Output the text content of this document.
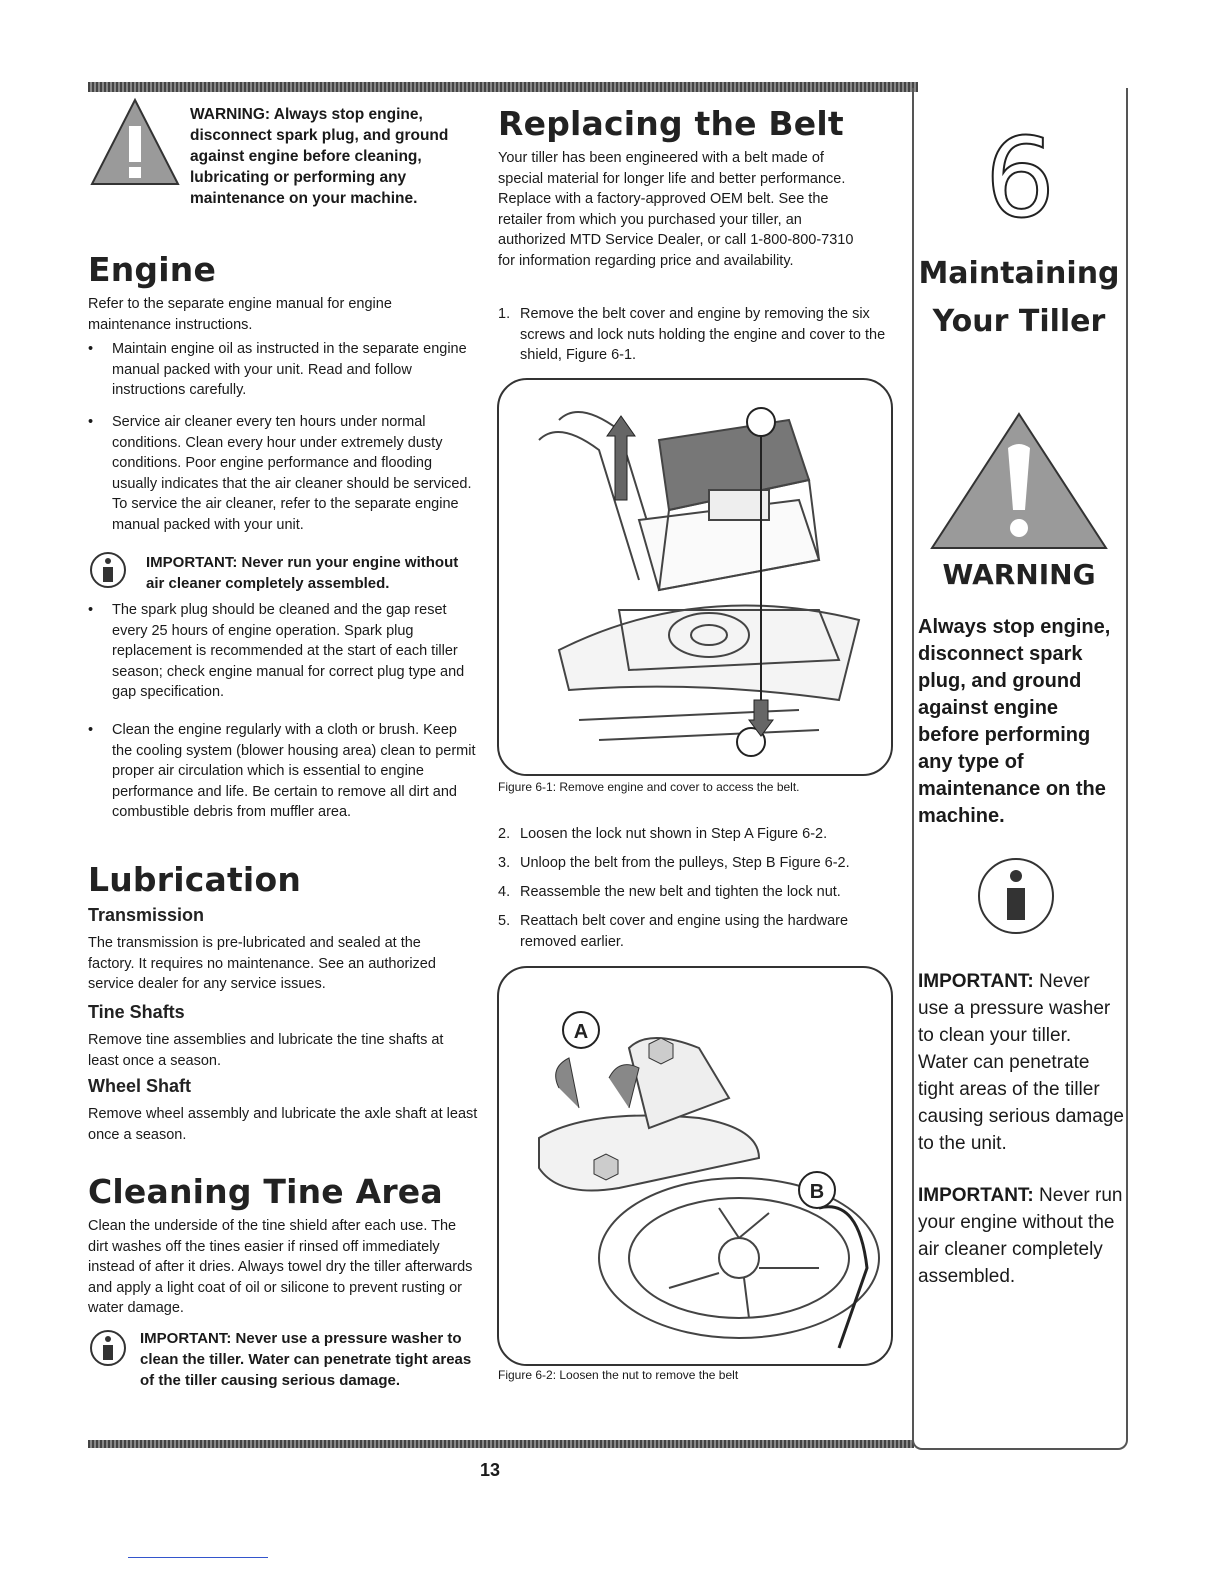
WARNING: Always stop engine, disconnect spark plug, and ground against engine before cleaning, lubricating or performing any maintenance on your machine.
Engine
Refer to the separate engine manual for engine maintenance instructions.
• Maintain engine oil as instructed in the separate engine manual packed with your unit. Read and follow instructions carefully.
• Service air cleaner every ten hours under normal conditions. Clean every hour under extremely dusty conditions. Poor engine performance and flooding usually indicates that the air cleaner should be serviced. To service the air cleaner, refer to the separate engine manual packed with your unit.
IMPORTANT: Never run your engine without air cleaner completely assembled.
• The spark plug should be cleaned and the gap reset every 25 hours of engine operation. Spark plug replacement is recommended at the start of each tiller season; check engine manual for correct plug type and gap specification.
• Clean the engine regularly with a cloth or brush. Keep the cooling system (blower housing area) clean to permit proper air circulation which is essential to engine performance and life. Be certain to remove all dirt and combustible debris from muffler area.
Lubrication
Transmission
The transmission is pre-lubricated and sealed at the factory. It requires no maintenance. See an authorized service dealer for any service issues.
Tine Shafts
Remove tine assemblies and lubricate the tine shafts at least once a season.
Wheel Shaft
Remove wheel assembly and lubricate the axle shaft at least once a season.
Cleaning Tine Area
Clean the underside of the tine shield after each use. The dirt washes off the tines easier if rinsed off immediately instead of after it dries. Always towel dry the tiller afterwards and apply a light coat of oil or silicone to prevent rusting or water damage.
IMPORTANT: Never use a pressure washer to clean the tiller. Water can penetrate tight areas of the tiller causing serious damage.
Replacing the Belt
Your tiller has been engineered with a belt made of special material for longer life and better performance. Replace with a factory-approved OEM belt. See the retailer from which you purchased your tiller, an authorized MTD Service Dealer, or call 1-800-800-7310 for information regarding price and availability.
1. Remove the belt cover and engine by removing the six screws and lock nuts holding the engine and cover to the shield, Figure 6-1.
Figure 6-1: Remove engine and cover to access the belt.
2. Loosen the lock nut shown in Step A Figure 6-2.
3. Unloop the belt from the pulleys, Step B Figure 6-2.
4. Reassemble the new belt and tighten the lock nut.
5. Reattach belt cover and engine using the hardware removed earlier.
A
B
Figure 6-2: Loosen the nut to remove the belt
6
Maintaining
Your Tiller
WARNING
Always stop engine, disconnect spark plug, and ground against engine before performing any type of maintenance on the machine.
IMPORTANT: Never use a pressure washer to clean your tiller. Water can penetrate tight areas of the tiller causing serious damage to the unit.
IMPORTANT: Never run your engine without the air cleaner completely assembled.
13
